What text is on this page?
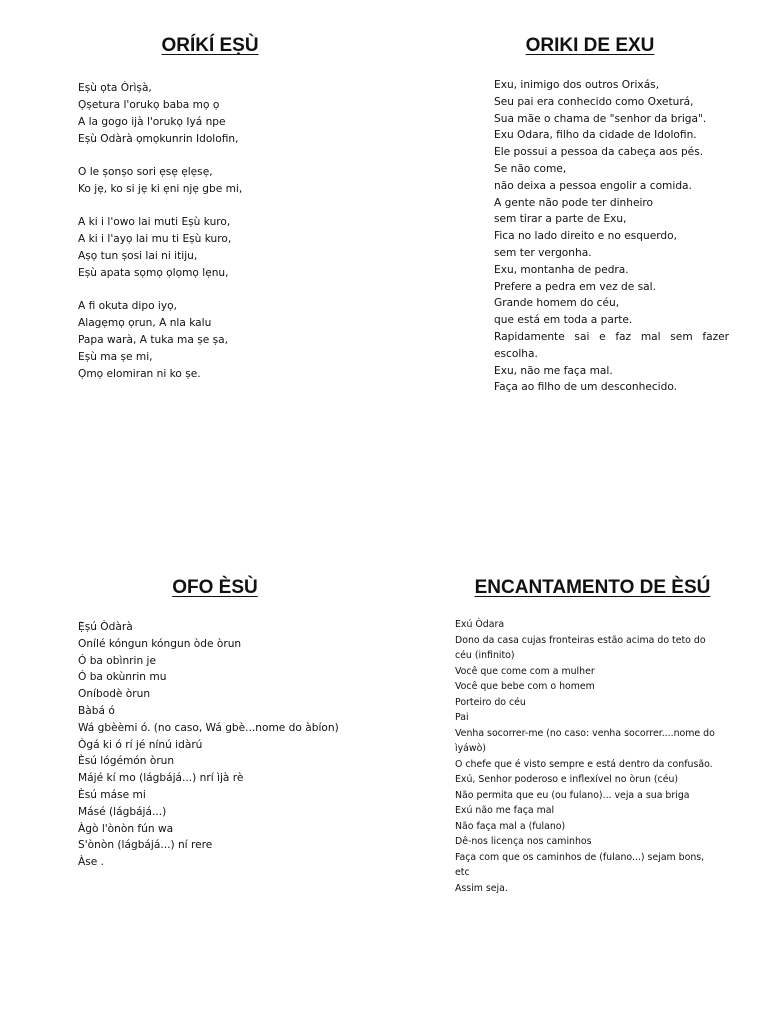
ORÍKÍ EṢÙ
Eṣù ọta Òrìṣà,
Ọṣetura l'orukọ baba mọ ọ
A la gogo ijà l'orukọ Iyá npe
Eṣù Odàrà ọmọkunrin Idolofin,
O le ṣonṣo sori ẹsẹ ẹlẹsẹ,
Ko jẹ, ko si jẹ ki ẹni njẹ gbe mi,
A ki i l'owo lai muti Eṣù kuro,
A ki i l'ayọ lai mu ti Eṣù kuro,
Aṣọ tun ṣosi lai ni itiju,
Eṣù apata sọmọ ọlọmọ lẹnu,
A fi okuta dipo iyọ,
Alagẹmọ ọrun, A nla kalu
Papa warà, A tuka ma ṣe ṣa,
Eṣù ma ṣe mi,
Ọmọ elomiran ni ko ṣe.
ORIKI DE EXU
Exu, inimigo dos outros Orixás,
Seu pai era conhecido como Oxeturá,
Sua mãe o chama de "senhor da briga".
Exu Odara, filho da cidade de Idolofin.
Ele possui a pessoa da cabeça aos pés.
Se não come,
não deixa a pessoa engolir a comida.
A gente não pode ter dinheiro
sem tirar a parte de Exu,
Fica no lado direito e no esquerdo,
sem ter vergonha.
Exu, montanha de pedra.
Prefere a pedra em vez de sal.
Grande homem do céu,
que está em toda a parte.
Rapidamente sai e faz mal sem fazer
escolha.
Exu, não me faça mal.
Faça ao filho de um desconhecido.
OFO ÈSÙ
Ẹ̀ṣú Òdàrà
Onílé kóngun kóngun òde òrun
Ó ba obìnrin je
Ó ba okùnrin mu
Oníbodè òrun
Bàbá ó
Wá gbèèmi ó. (no caso, Wá gbè...nome do àbíon)
Ògá ki ó rí jé nínú idàrú
Èsú lógémón òrun
Májé kí mo (lágbájá...) nrí ìjà rè
Èsú máse mi
Másé (lágbájá...)
Àgò l'ònòn fún wa
S'ònòn (lágbájá...) ní rere
Àse .
ENCANTAMENTO DE ÈSÚ
Exú Òdara
Dono da casa cujas fronteiras estão acima do teto do
céu (infinito)
Você que come com a mulher
Você que bebe com o homem
Porteiro do céu
Pai
Venha socorrer-me (no caso: venha socorrer....nome do
ìyáwò)
O chefe que é visto sempre e está dentro da confusão.
Exú, Senhor poderoso e inflexível no òrun (céu)
Não permita que eu (ou fulano)... veja a sua briga
Exú não me faça mal
Não faça mal a (fulano)
Dê-nos licença nos caminhos
Faça com que os caminhos de (fulano...) sejam bons,
etc
Assim seja.
